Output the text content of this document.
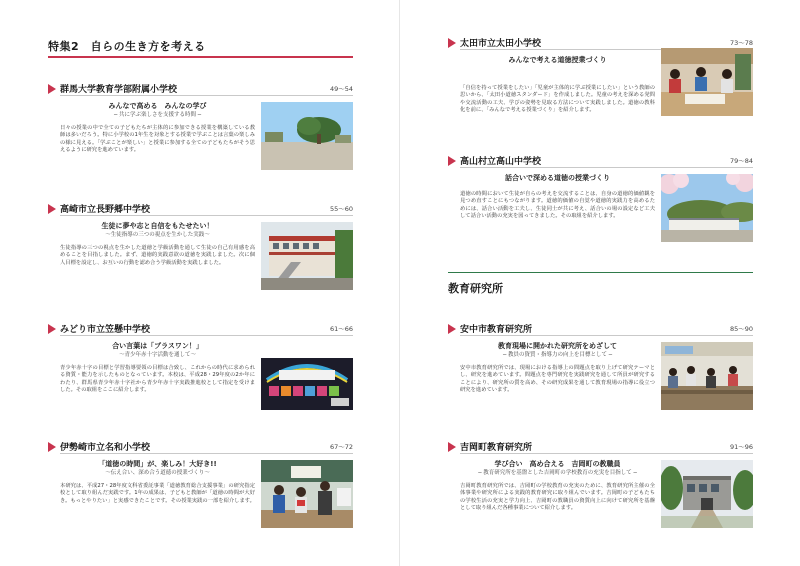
特集2　自らの生き方を考える
群馬大学教育学部附属小学校	49〜54
みんなで高める　みんなの学び
─ 共に学ぶ楽しさを支援する時間 ─
日々の授業の中で全ての子どもたちが主体的に参加できる授業を構築している教師は多いだろう。特に小学校の1年生を対象とする授業で学ぶことは言葉の楽しみの様に見える。「学ぶことが楽しい」と授業に参加する全ての子どもたちがそう思えるように研究を進めています。
高崎市立長野郷中学校	55〜60
生徒に夢や志と自信をもたせたい！
〜生徒指導の三つの視点を生かした実践〜
生徒指導の三つの視点を生かした道徳と学級活動を通して生徒の自己有用感を高めることを目指しました。まず、道徳的実践意欲の道徳を実践しました。次に個人目標を設定し、お互いの行動を認め合う学級活動を実践しました。
みどり市立笠懸中学校	61〜66
合い言葉は「プラスワン！」
〜青少年赤十字活動を通して〜
青少年赤十字の目標と学習指導要領の目標は合致し、これからの時代に求められる資質・能力を示したものとなっています。本校は、平成28・29年度の2か年にわたり、群馬県青少年赤十字社から青少年赤十字実践推進校として指定を受けました。その取組をここに紹介します。
伊勢崎市立名和小学校	67〜72
「道徳の時間」が、楽しみ！大好き!!
〜伝え合い、深め合う道徳の授業づくり〜
本研究は、平成27・28年度文科省委託事業「道徳教育総合支援事業」の研究指定校として取り組んだ実践です。1年の成果は、子どもと教師が「道徳の時間が大好き。もっとやりたい」と実感できたことです。その授業実践の一部を紹介します。
太田市立太田小学校	73〜78
みんなで考える道徳授業づくり
「自信を持って授業をしたい」「児童が主体的に学ぶ授業にしたい」という教師の思いから、「太田小道徳スタンダード」を作成しました。児童の考えを深める発問や交流活動の工夫、学びの姿勢を見取る方法について実践しました。道徳の教科化を前に、「みんなで考える授業づくり」を紹介します。
高山村立高山中学校	79〜84
話合いで深める道徳の授業づくり
道徳の時間において生徒が自らの考えを交流することは、自身の道徳的価値観を見つめ直すことにもつながります。道徳的価値の自覚や道徳的実践力を高めるためには、話合い活動を工夫し、生徒同士が共に考え、話合いの場の設定など工夫して話合い活動の充実を図ってきました。その取組を紹介します。
教育研究所
安中市教育研究所	85〜90
教育現場に開かれた研究所をめざして
─ 教員の資質・指導力の向上を目標として ─
安中市教育研究所では、現場における指導上の問題点を取り上げて研究テーマとし、研究を進めています。問題点を専門研究を実践研究を通して所員が研究することにより、研究所の質を高め、その研究成果を通して教育現場の指導に役立つ研究を進めています。
吉岡町教育研究所	91〜96
学び合い　高め合える　吉岡町の教職員
─ 教育研究所を基盤とした吉岡町の学校教育の充実を目指して ─
吉岡町教育研究所では、吉岡町の学校教育の充実のために、教育研究所主催の全体事業や研究所による実践的教育研究に取り組んでいます。吉岡町の子どもたちの学校生活の充実と学力向上、吉岡町の教職員の資質向上に向けて研究所を基盤として取り組んだ各種事業について紹介します。
